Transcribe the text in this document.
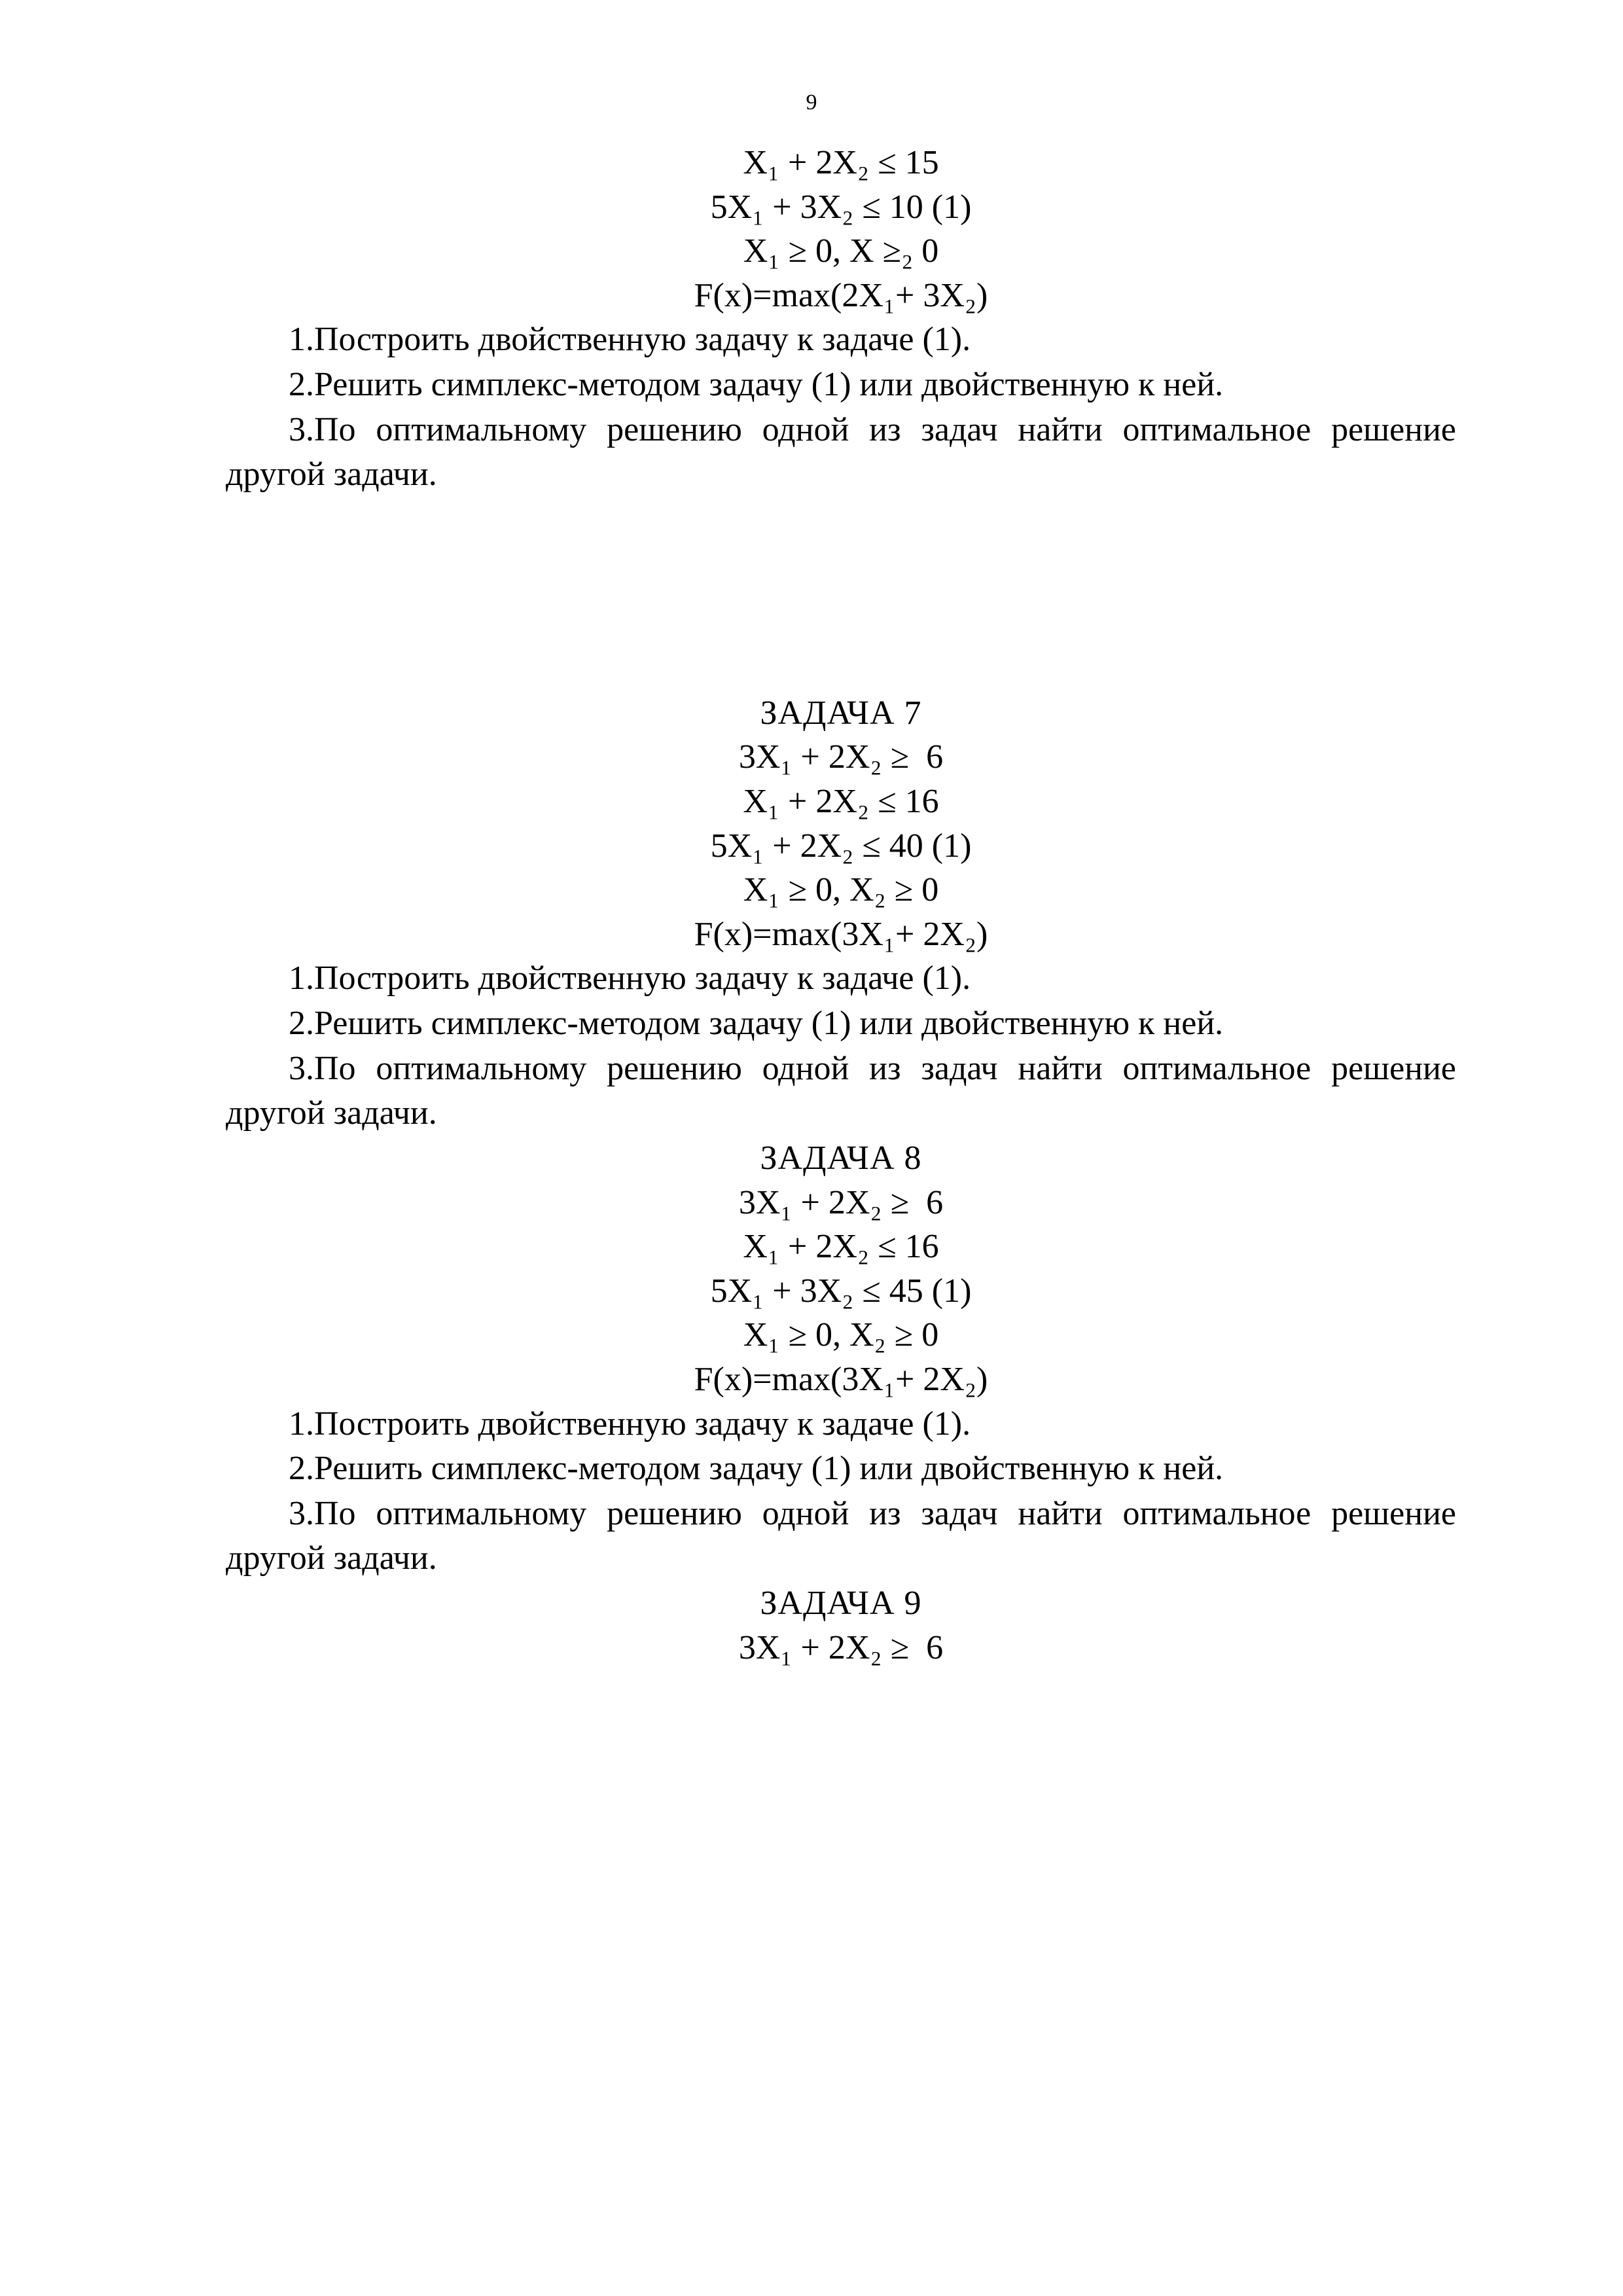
9
X₁ + 2X₂ ≤ 15
5X₁ + 3X₂ ≤ 10 (1)
X₁ ≥ 0, X ≥₂ 0
F(x)=max(2X₁+ 3X₂)

1.Построить двойственную задачу к задаче (1).

2.Решить симплекс-методом задачу (1) или двойственную к ней.

3.По оптимальному решению одной из задач найти оптимальное решение другой задачи.

ЗАДАЧА 7
3X₁ + 2X₂ ≥  6
X₁ + 2X₂ ≤ 16
5X₁ + 2X₂ ≤ 40 (1)
X₁ ≥ 0, X₂ ≥ 0
F(x)=max(3X₁+ 2X₂)

1.Построить двойственную задачу к задаче (1).

2.Решить симплекс-методом задачу (1) или двойственную к ней.

3.По оптимальному решению одной из задач найти оптимальное решение другой задачи.

ЗАДАЧА 8
3X₁ + 2X₂ ≥  6
X₁ + 2X₂ ≤ 16
5X₁ + 3X₂ ≤ 45 (1)
X₁ ≥ 0, X₂ ≥ 0
F(x)=max(3X₁+ 2X₂)

1.Построить двойственную задачу к задаче (1).

2.Решить симплекс-методом задачу (1) или двойственную к ней.

3.По оптимальному решению одной из задач найти оптимальное решение другой задачи.

ЗАДАЧА 9
3X₁ + 2X₂ ≥  6
